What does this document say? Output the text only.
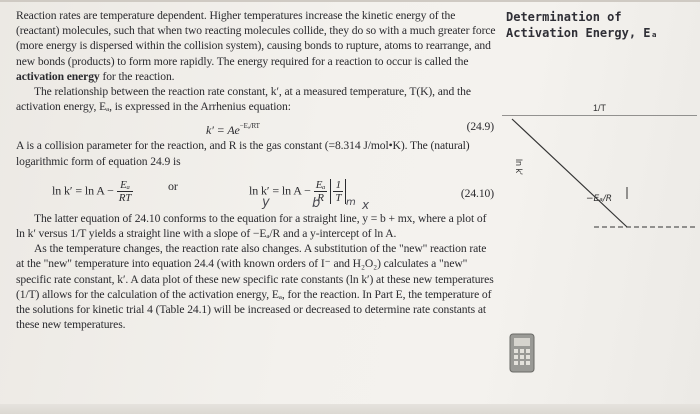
Reaction rates are temperature dependent. Higher temperatures increase the kinetic energy of the (reactant) molecules, such that when two reacting molecules collide, they do so with a much greater force (more energy is dispersed within the collision system), causing bonds to rupture, atoms to rearrange, and new bonds (products) to form more rapidly. The energy required for a reaction to occur is called the activation energy for the reaction.

The relationship between the reaction rate constant, k′, at a measured temperature, T(K), and the activation energy, Eₐ, is expressed in the Arrhenius equation:

$k' = Ae^{-E_a/RT}$	(24.9)

A is a collision parameter for the reaction, and R is the gas constant (=8.314 J/mol•K). The (natural) logarithmic form of equation 24.9 is

$\ln k' = \ln A - \frac{\text{Eₐ}}{RT}$	or	$\ln k' = \ln A - \frac{\text{Eₐ}}{R}$
$\frac{1}{T}$	(24.10)
y	b	m x

The latter equation of 24.10 conforms to the equation for a straight line, y = b + mx, where a plot of ln k′ versus 1/T yields a straight line with a slope of −Eₐ/R and a y-intercept of ln A.

As the temperature changes, the reaction rate also changes. A substitution of the "new" reaction rate at the "new" temperature into equation 24.4 (with known orders of I⁻ and H₂O₂) calculates a "new" specific rate constant, k′. A data plot of these new specific rate constants (ln k′) at these new temperatures (1/T) allows for the calculation of the activation energy, Eₐ, for the reaction. In Part E, the temperature of the solutions for kinetic trial 4 (Table 24.1) will be increased or decreased to determine rate constants at these new temperatures.

Determination of
Activation Energy, Eₐ
1/T
ln k′
−Eₐ/R
